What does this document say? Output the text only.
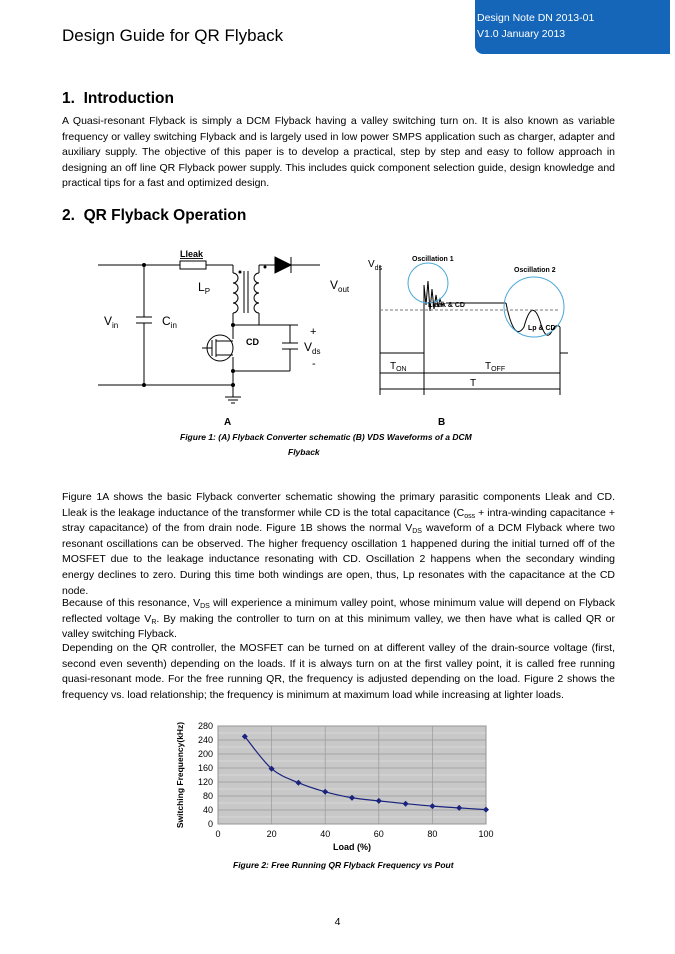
Design Guide for QR Flyback
Design Note DN 2013-01
V1.0 January 2013
1. Introduction

A Quasi-resonant Flyback is simply a DCM Flyback having a valley switching turn on. It is also known as variable frequency or valley switching Flyback and is largely used in low power SMPS application such as charger, adapter and auxiliary supply. The objective of this paper is to develop a practical, step by step and easy to follow approach in designing an off line QR Flyback power supply. This includes quick component selection guide, design knowledge and practical tips for a fast and optimized design.

2. QR Flyback Operation
Lleak
$L_P$	$V_{out}$
$V_{in}$	$C_{in}$
CD
+
$V_{ds}$
-
$V_{ds}$
Oscillation 1
Oscillation 2
Lleak & CD
Lp & CD
$T_{ON}$	$T_{OFF}$
T
A	B
Figure 1: (A) Flyback Converter schematic (B) VDS Waveforms of a DCM
Flyback

Figure 1A shows the basic Flyback converter schematic showing the primary parasitic components Lleak and CD. Lleak is the leakage inductance of the transformer while CD is the total capacitance ($C_{oss}$ + intra-winding capacitance + stray capacitance) of the from drain node. Figure 1B shows the normal $V_{DS}$ waveform of a DCM Flyback where two resonant oscillations can be observed. The higher frequency oscillation 1 happened during the initial turned off of the MOSFET due to the leakage inductance resonating with CD. Oscillation 2 happens when the secondary winding energy declines to zero. During this time both windings are open, thus, Lp resonates with the capacitance at the CD node.

Because of this resonance, $V_{DS}$ will experience a minimum valley point, whose minimum value will depend on Flyback reflected voltage $V_R$. By making the controller to turn on at this minimum valley, we then have what is called QR or valley switching Flyback.

Depending on the QR controller, the MOSFET can be turned on at different valley of the drain-source voltage (first, second even seventh) depending on the loads. If it is always turn on at the first valley point, it is called free running quasi-resonant mode. For the free running QR, the frequency is adjusted depending on the load. Figure 2 shows the frequency vs. load relationship; the frequency is minimum at maximum load while increasing at lighter loads.

0
40
80
120
160
200
240
280
0	20	40	60	80	100
Load (%)
Switching Frequency(kHz)
Figure 2: Free Running QR Flyback Frequency vs Pout
4
